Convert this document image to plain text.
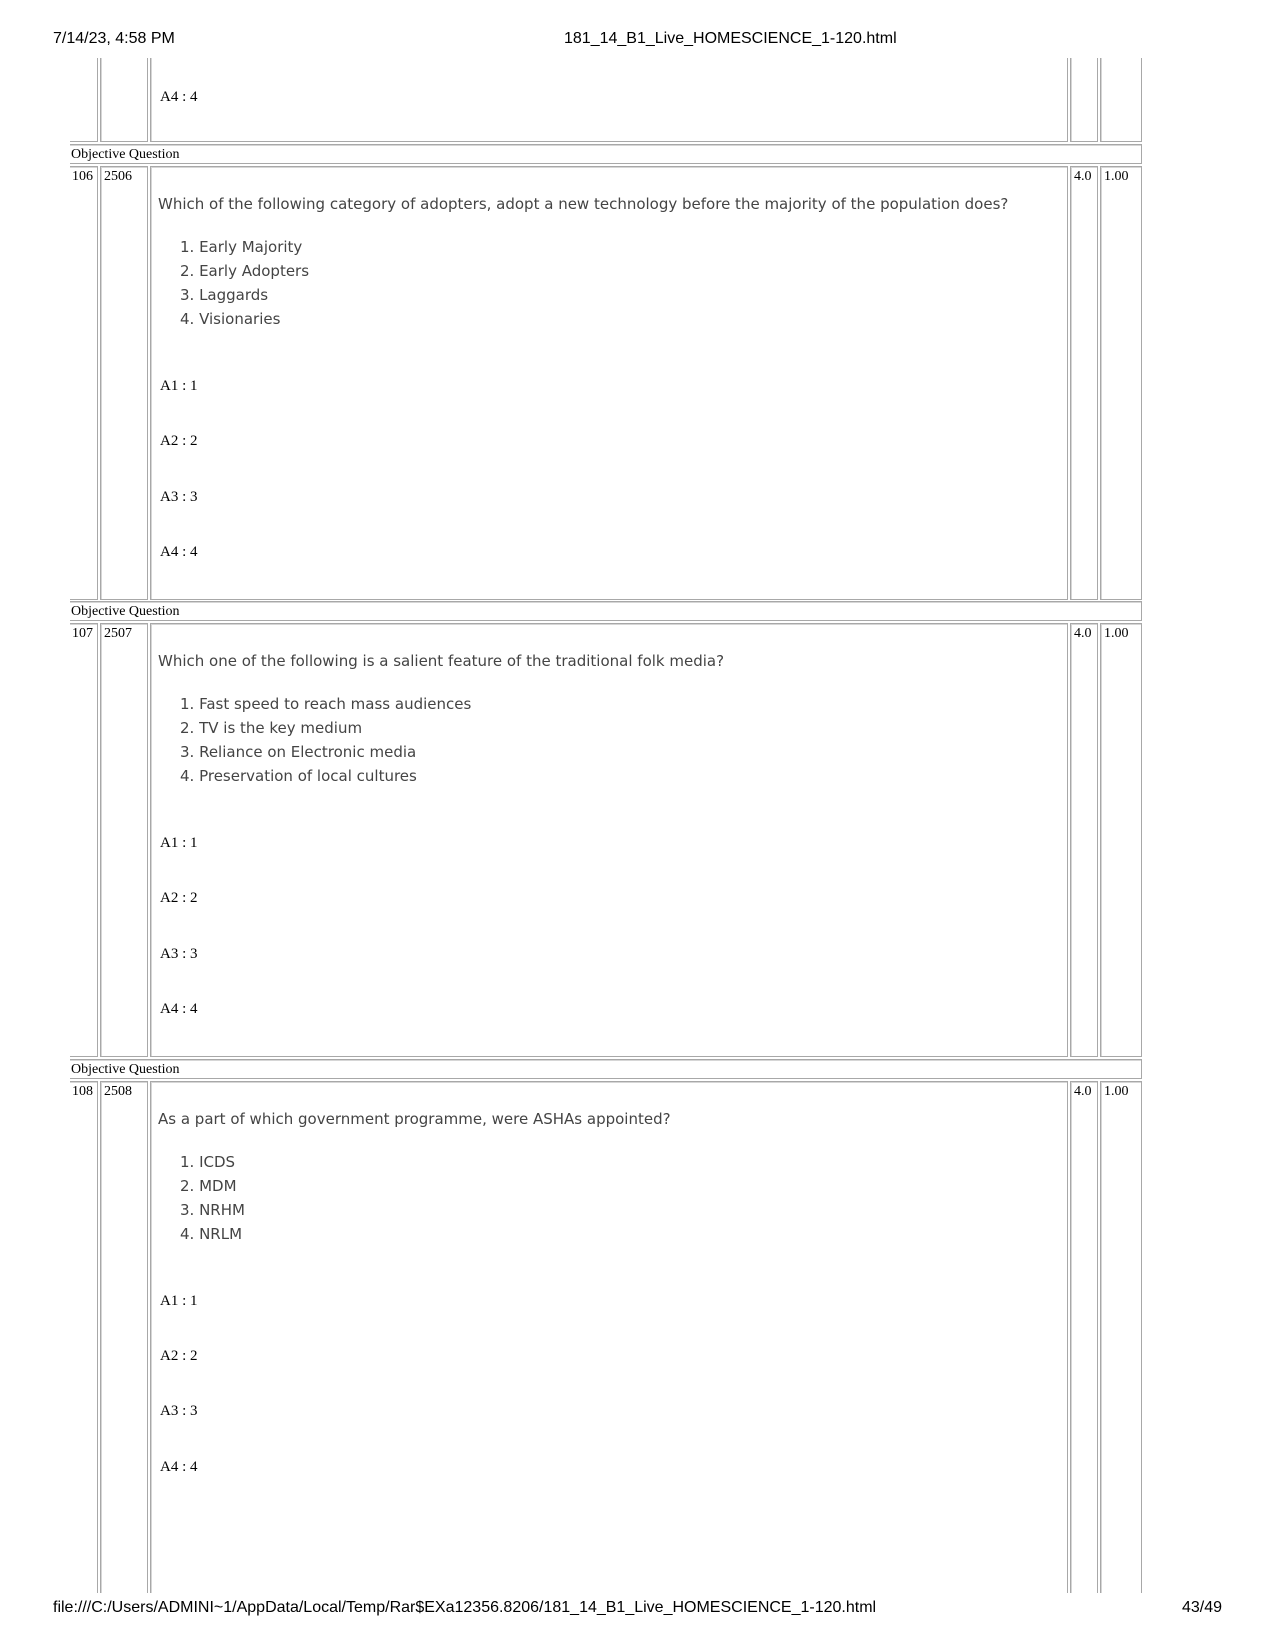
7/14/23, 4:58 PM	181_14_B1_Live_HOMESCIENCE_1-120.html
A4 : 4
Objective Question
106 2506
Which of the following category of adopters, adopt a new technology before the majority of the population does?
1. Early Majority
2. Early Adopters
3. Laggards
4. Visionaries
A1 : 1
A2 : 2
A3 : 3
A4 : 4
4.0 1.00
Objective Question
107 2507
Which one of the following is a salient feature of the traditional folk media?
1. Fast speed to reach mass audiences
2. TV is the key medium
3. Reliance on Electronic media
4. Preservation of local cultures
A1 : 1
A2 : 2
A3 : 3
A4 : 4
4.0 1.00
Objective Question
108 2508
As a part of which government programme, were ASHAs appointed?
1. ICDS
2. MDM
3. NRHM
4. NRLM
A1 : 1
A2 : 2
A3 : 3
A4 : 4
4.0 1.00
file:///C:/Users/ADMINI~1/AppData/Local/Temp/Rar$EXa12356.8206/181_14_B1_Live_HOMESCIENCE_1-120.html	43/49
